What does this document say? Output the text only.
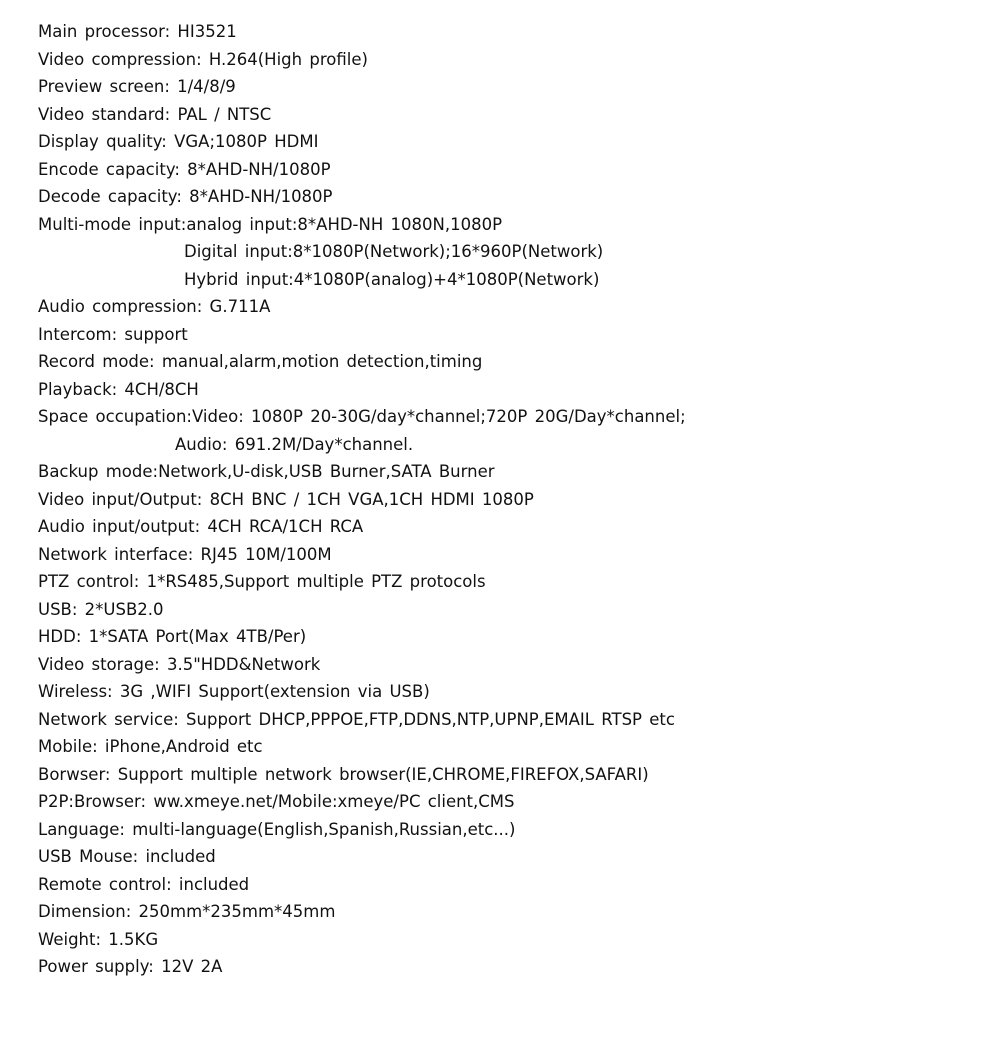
Main processor: HI3521
Video compression: H.264(High profile)
Preview screen: 1/4/8/9
Video standard: PAL / NTSC
Display quality: VGA;1080P HDMI
Encode capacity: 8*AHD-NH/1080P
Decode capacity: 8*AHD-NH/1080P
Multi-mode input:analog input:8*AHD-NH 1080N,1080P
Digital input:8*1080P(Network);16*960P(Network)
Hybrid input:4*1080P(analog)+4*1080P(Network)
Audio compression: G.711A
Intercom: support
Record mode: manual,alarm,motion detection,timing
Playback: 4CH/8CH
Space occupation:Video: 1080P 20-30G/day*channel;720P 20G/Day*channel;
Audio: 691.2M/Day*channel.
Backup mode:Network,U-disk,USB Burner,SATA Burner
Video input/Output: 8CH BNC / 1CH VGA,1CH HDMI 1080P
Audio input/output: 4CH RCA/1CH RCA
Network interface: RJ45 10M/100M
PTZ control: 1*RS485,Support multiple PTZ protocols
USB: 2*USB2.0
HDD: 1*SATA Port(Max 4TB/Per)
Video storage: 3.5"HDD&Network
Wireless: 3G ,WIFI Support(extension via USB)
Network service: Support DHCP,PPPOE,FTP,DDNS,NTP,UPNP,EMAIL RTSP etc
Mobile: iPhone,Android etc
Borwser: Support multiple network browser(IE,CHROME,FIREFOX,SAFARI)
P2P:Browser: ww.xmeye.net/Mobile:xmeye/PC client,CMS
Language: multi-language(English,Spanish,Russian,etc...)
USB Mouse: included
Remote control: included
Dimension: 250mm*235mm*45mm
Weight: 1.5KG
Power supply: 12V 2A
